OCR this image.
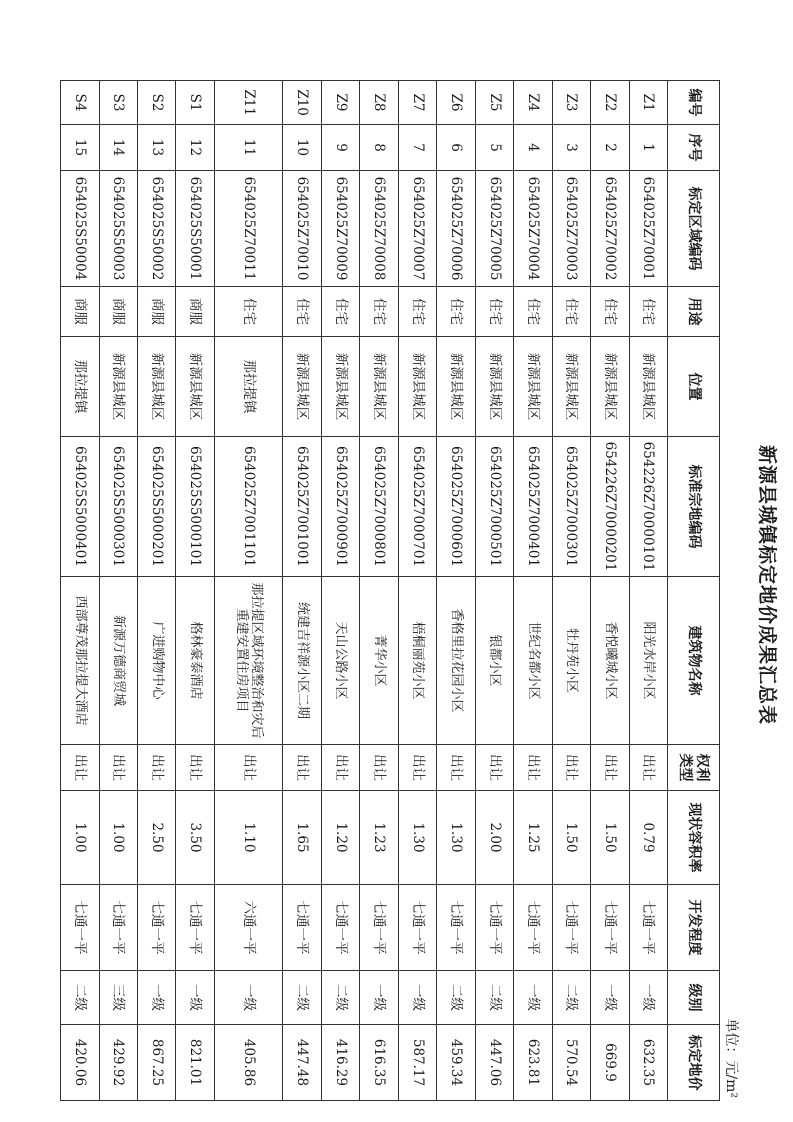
新源县城镇标定地价成果汇总表
单位：元/m²
编号	序号	标定区域编码	用途	位置	标准宗地编码	建筑物名称	权利类型	现状容积率	开发程度	级别	标定地价
Z1	1	654025Z70001	住宅	新源县城区	654226Z70000101	阳光水岸小区	出让	0.79	七通一平	一级	632.35
Z2	2	654025Z70002	住宅	新源县城区	654226Z70000201	香悦曦城小区	出让	1.50	七通一平	一级	669.9
Z3	3	654025Z70003	住宅	新源县城区	654025Z7000301	牡丹苑小区	出让	1.50	七通一平	二级	570.54
Z4	4	654025Z70004	住宅	新源县城区	654025Z7000401	世纪名都小区	出让	1.25	七通一平	一级	623.81
Z5	5	654025Z70005	住宅	新源县城区	654025Z7000501	银都小区	出让	2.00	七通一平	二级	447.06
Z6	6	654025Z70006	住宅	新源县城区	654025Z7000601	香格里拉花园小区	出让	1.30	七通一平	二级	459.34
Z7	7	654025Z70007	住宅	新源县城区	654025Z7000701	梧桐丽苑小区	出让	1.30	七通一平	一级	587.17
Z8	8	654025Z70008	住宅	新源县城区	654025Z7000801	菁华小区	出让	1.23	七通一平	一级	616.35
Z9	9	654025Z70009	住宅	新源县城区	654025Z7000901	天山公路小区	出让	1.20	七通一平	二级	416.29
Z10	10	654025Z70010	住宅	新源县城区	654025Z7001001	统建吉祥源小区二期	出让	1.65	七通一平	二级	447.48
Z11	11	654025Z70011	住宅	那拉提镇	654025Z7001101	那拉提区域环境整治和灾后重建安置住房项目	出让	1.10	六通一平	一级	405.86
S1	12	654025S50001	商服	新源县城区	654025S5000101	格林豪泰酒店	出让	3.50	七通一平	一级	821.01
S2	13	654025S50002	商服	新源县城区	654025S5000201	广进购物中心	出让	2.50	七通一平	一级	867.25
S3	14	654025S50003	商服	新源县城区	654025S5000301	新源万德商贸城	出让	1.00	七通一平	三级	429.92
S4	15	654025S50004	商服	那拉提镇	654025S5000401	西部尊茂那拉提大酒店	出让	1.00	七通一平	二级	420.06
